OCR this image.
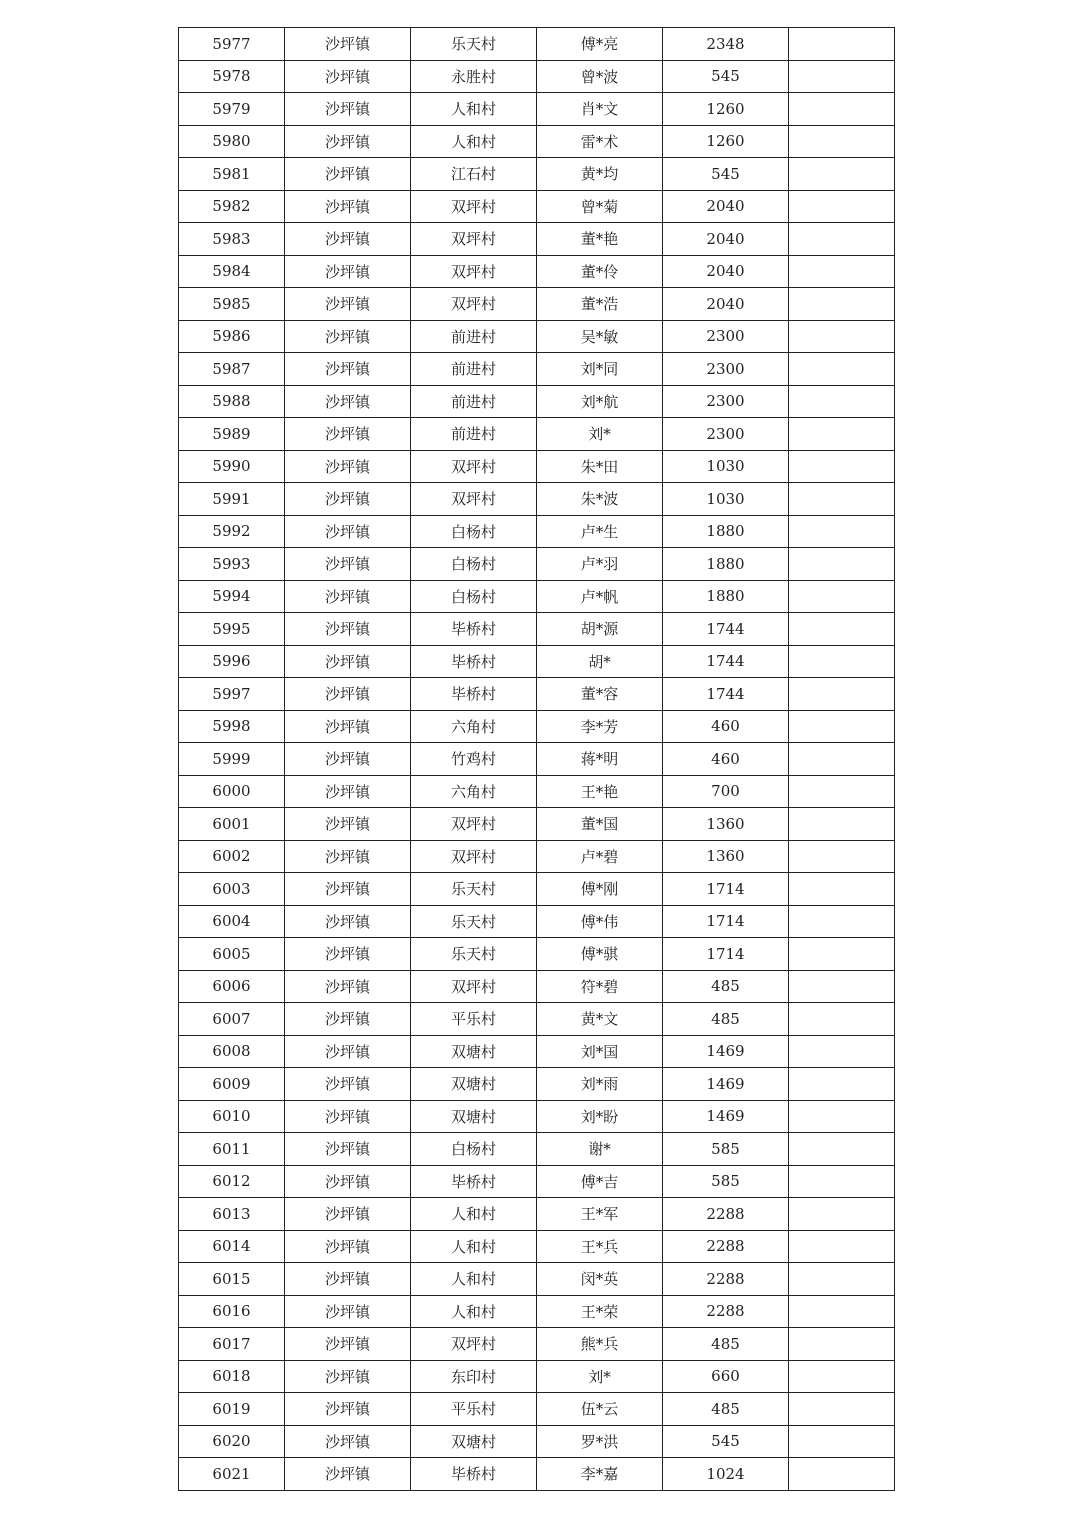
5977	沙坪镇	乐天村	傅*亮	2348	
5978	沙坪镇	永胜村	曾*波	545	
5979	沙坪镇	人和村	肖*文	1260	
5980	沙坪镇	人和村	雷*术	1260	
5981	沙坪镇	江石村	黄*均	545	
5982	沙坪镇	双坪村	曾*菊	2040	
5983	沙坪镇	双坪村	董*艳	2040	
5984	沙坪镇	双坪村	董*伶	2040	
5985	沙坪镇	双坪村	董*浩	2040	
5986	沙坪镇	前进村	吴*敏	2300	
5987	沙坪镇	前进村	刘*同	2300	
5988	沙坪镇	前进村	刘*航	2300	
5989	沙坪镇	前进村	刘*	2300	
5990	沙坪镇	双坪村	朱*田	1030	
5991	沙坪镇	双坪村	朱*波	1030	
5992	沙坪镇	白杨村	卢*生	1880	
5993	沙坪镇	白杨村	卢*羽	1880	
5994	沙坪镇	白杨村	卢*帆	1880	
5995	沙坪镇	毕桥村	胡*源	1744	
5996	沙坪镇	毕桥村	胡*	1744	
5997	沙坪镇	毕桥村	董*容	1744	
5998	沙坪镇	六角村	李*芳	460	
5999	沙坪镇	竹鸡村	蒋*明	460	
6000	沙坪镇	六角村	王*艳	700	
6001	沙坪镇	双坪村	董*国	1360	
6002	沙坪镇	双坪村	卢*碧	1360	
6003	沙坪镇	乐天村	傅*刚	1714	
6004	沙坪镇	乐天村	傅*伟	1714	
6005	沙坪镇	乐天村	傅*骐	1714	
6006	沙坪镇	双坪村	符*碧	485	
6007	沙坪镇	平乐村	黄*文	485	
6008	沙坪镇	双塘村	刘*国	1469	
6009	沙坪镇	双塘村	刘*雨	1469	
6010	沙坪镇	双塘村	刘*盼	1469	
6011	沙坪镇	白杨村	谢*	585	
6012	沙坪镇	毕桥村	傅*吉	585	
6013	沙坪镇	人和村	王*军	2288	
6014	沙坪镇	人和村	王*兵	2288	
6015	沙坪镇	人和村	闵*英	2288	
6016	沙坪镇	人和村	王*荣	2288	
6017	沙坪镇	双坪村	熊*兵	485	
6018	沙坪镇	东印村	刘*	660	
6019	沙坪镇	平乐村	伍*云	485	
6020	沙坪镇	双塘村	罗*洪	545	
6021	沙坪镇	毕桥村	李*嘉	1024	
